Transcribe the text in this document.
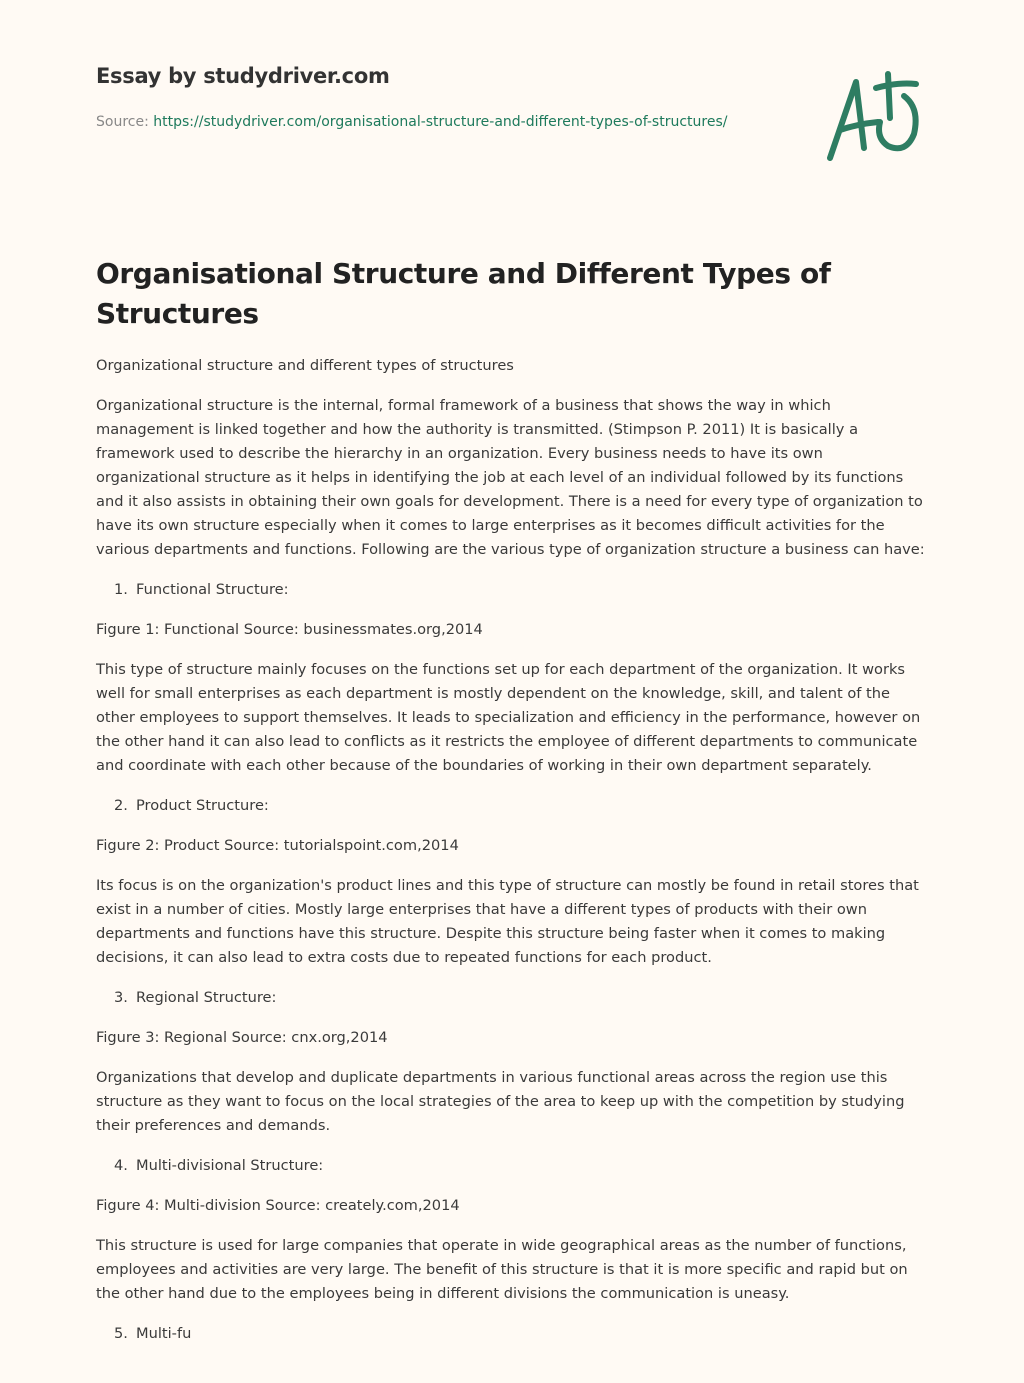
Essay by studydriver.com
Source: https://studydriver.com/organisational-structure-and-different-types-of-structures/
Organisational Structure and Different Types of Structures

Organizational structure and different types of structures

Organizational structure is the internal, formal framework of a business that shows the way in which management is linked together and how the authority is transmitted. (Stimpson P. 2011) It is basically a framework used to describe the hierarchy in an organization. Every business needs to have its own organizational structure as it helps in identifying the job at each level of an individual followed by its functions and it also assists in obtaining their own goals for development. There is a need for every type of organization to have its own structure especially when it comes to large enterprises as it becomes difficult activities for the various departments and functions. Following are the various type of organization structure a business can have:

1. Functional Structure:

Figure 1: Functional Source: businessmates.org,2014

This type of structure mainly focuses on the functions set up for each department of the organization. It works well for small enterprises as each department is mostly dependent on the knowledge, skill, and talent of the other employees to support themselves. It leads to specialization and efficiency in the performance, however on the other hand it can also lead to conflicts as it restricts the employee of different departments to communicate and coordinate with each other because of the boundaries of working in their own department separately.

2. Product Structure:

Figure 2: Product Source: tutorialspoint.com,2014

Its focus is on the organization's product lines and this type of structure can mostly be found in retail stores that exist in a number of cities. Mostly large enterprises that have a different types of products with their own departments and functions have this structure. Despite this structure being faster when it comes to making decisions, it can also lead to extra costs due to repeated functions for each product.

3. Regional Structure:

Figure 3: Regional Source: cnx.org,2014

Organizations that develop and duplicate departments in various functional areas across the region use this structure as they want to focus on the local strategies of the area to keep up with the competition by studying their preferences and demands.

4. Multi-divisional Structure:

Figure 4: Multi-division Source: creately.com,2014

This structure is used for large companies that operate in wide geographical areas as the number of functions, employees and activities are very large. The benefit of this structure is that it is more specific and rapid but on the other hand due to the employees being in different divisions the communication is uneasy.

5. Multi-fu
